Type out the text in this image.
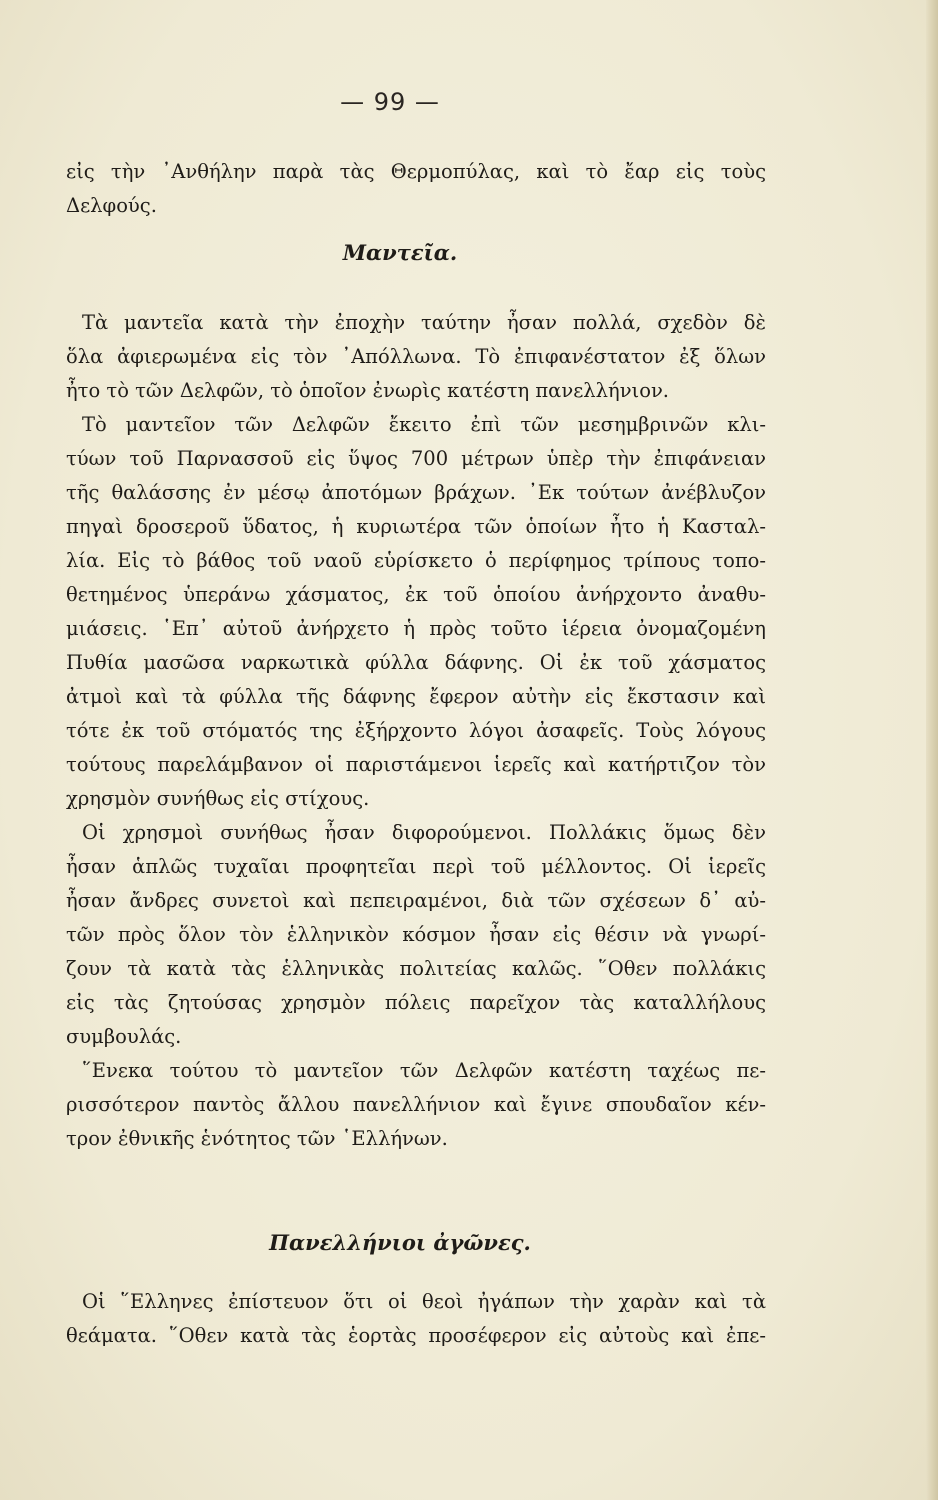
— 99 —
εἰς τὴν ᾿Ανθήλην παρὰ τὰς Θερμοπύλας, καὶ τὸ ἔαρ εἰς τοὺς
Δελφούς.
Μαντεῖα.
Τὰ μαντεῖα κατὰ τὴν ἐποχὴν ταύτην ἦσαν πολλά, σχεδὸν δὲ
ὅλα ἀφιερωμένα εἰς τὸν ᾿Απόλλωνα. Τὸ ἐπιφανέστατον ἐξ ὅλων
ἦτο τὸ τῶν Δελφῶν, τὸ ὁποῖον ἐνωρὶς κατέστη πανελλήνιον.
Τὸ μαντεῖον τῶν Δελφῶν ἔκειτο ἐπὶ τῶν μεσημβρινῶν κλι-
τύων τοῦ Παρνασσοῦ εἰς ὕψος 700 μέτρων ὑπὲρ τὴν ἐπιφάνειαν
τῆς θαλάσσης ἐν μέσῳ ἀποτόμων βράχων. ᾿Εκ τούτων ἀνέβλυζον
πηγαὶ δροσεροῦ ὕδατος, ἡ κυριωτέρα τῶν ὁποίων ἦτο ἡ Κασταλ-
λία. Εἰς τὸ βάθος τοῦ ναοῦ εὑρίσκετο ὁ περίφημος τρίπους τοπο-
θετημένος ὑπεράνω χάσματος, ἐκ τοῦ ὁποίου ἀνήρχοντο ἀναθυ-
μιάσεις. ῾Επ᾿ αὐτοῦ ἀνήρχετο ἡ πρὸς τοῦτο ἱέρεια ὀνομαζομένη
Πυθία μασῶσα ναρκωτικὰ φύλλα δάφνης. Οἱ ἐκ τοῦ χάσματος
ἀτμοὶ καὶ τὰ φύλλα τῆς δάφνης ἔφερον αὐτὴν εἰς ἔκστασιν καὶ
τότε ἐκ τοῦ στόματός της ἐξήρχοντο λόγοι ἀσαφεῖς. Τοὺς λόγους
τούτους παρελάμβανον οἱ παριστάμενοι ἱερεῖς καὶ κατήρτιζον τὸν
χρησμὸν συνήθως εἰς στίχους.
Οἱ χρησμοὶ συνήθως ἦσαν διφορούμενοι. Πολλάκις ὅμως δὲν
ἦσαν ἁπλῶς τυχαῖαι προφητεῖαι περὶ τοῦ μέλλοντος. Οἱ ἱερεῖς
ἦσαν ἄνδρες συνετοὶ καὶ πεπειραμένοι, διὰ τῶν σχέσεων δ᾿ αὐ-
τῶν πρὸς ὅλον τὸν ἑλληνικὸν κόσμον ἦσαν εἰς θέσιν νὰ γνωρί-
ζουν τὰ κατὰ τὰς ἑλληνικὰς πολιτείας καλῶς. ῞Οθεν πολλάκις
εἰς τὰς ζητούσας χρησμὸν πόλεις παρεῖχον τὰς καταλλήλους
συμβουλάς.
῞Ενεκα τούτου τὸ μαντεῖον τῶν Δελφῶν κατέστη ταχέως πε-
ρισσότερον παντὸς ἄλλου πανελλήνιον καὶ ἔγινε σπουδαῖον κέν-
τρον ἐθνικῆς ἑνότητος τῶν ῾Ελλήνων.
Πανελλήνιοι ἀγῶνες.
Οἱ ῞Ελληνες ἐπίστευον ὅτι οἱ θεοὶ ἠγάπων τὴν χαρὰν καὶ τὰ
θεάματα. ῞Οθεν κατὰ τὰς ἑορτὰς προσέφερον εἰς αὐτοὺς καὶ ἐπε-
